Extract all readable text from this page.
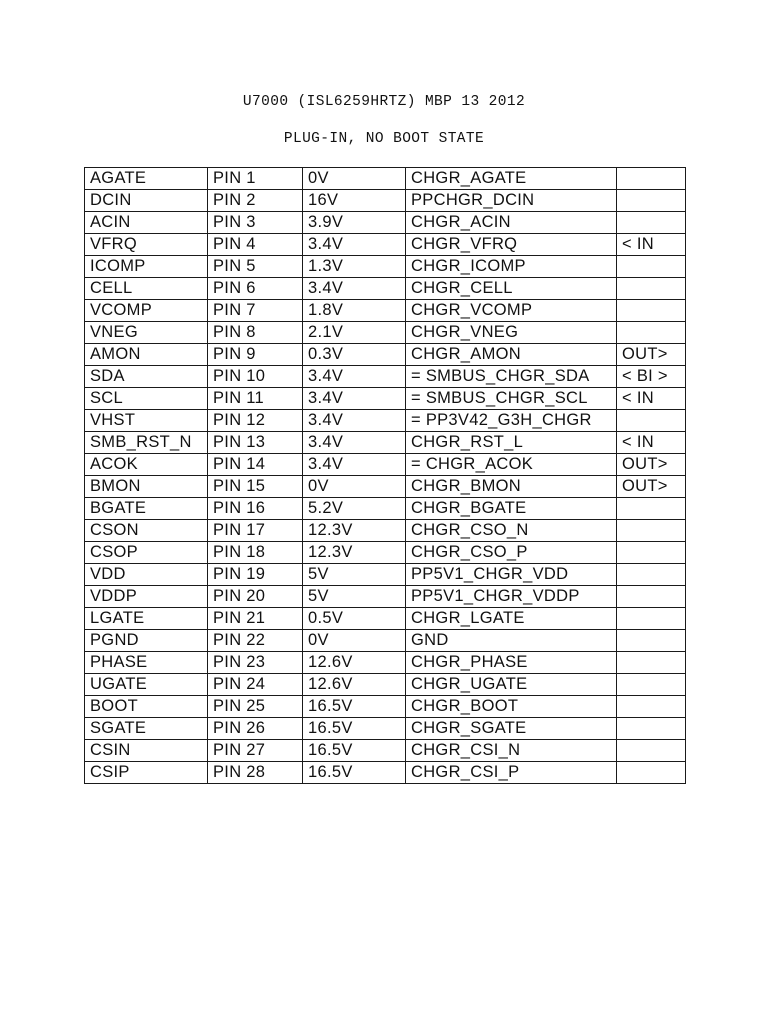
U7000 (ISL6259HRTZ) MBP 13 2012
PLUG-IN, NO BOOT STATE
AGATE	PIN 1	0V	CHGR_AGATE	
DCIN	PIN 2	16V	PPCHGR_DCIN	
ACIN	PIN 3	3.9V	CHGR_ACIN	
VFRQ	PIN 4	3.4V	CHGR_VFRQ	< IN
ICOMP	PIN 5	1.3V	CHGR_ICOMP	
CELL	PIN 6	3.4V	CHGR_CELL	
VCOMP	PIN 7	1.8V	CHGR_VCOMP	
VNEG	PIN 8	2.1V	CHGR_VNEG	
AMON	PIN 9	0.3V	CHGR_AMON	OUT>
SDA	PIN 10	3.4V	= SMBUS_CHGR_SDA	< BI >
SCL	PIN 11	3.4V	= SMBUS_CHGR_SCL	< IN
VHST	PIN 12	3.4V	= PP3V42_G3H_CHGR	
SMB_RST_N	PIN 13	3.4V	CHGR_RST_L	< IN
ACOK	PIN 14	3.4V	= CHGR_ACOK	OUT>
BMON	PIN 15	0V	CHGR_BMON	OUT>
BGATE	PIN 16	5.2V	CHGR_BGATE	
CSON	PIN 17	12.3V	CHGR_CSO_N	
CSOP	PIN 18	12.3V	CHGR_CSO_P	
VDD	PIN 19	5V	PP5V1_CHGR_VDD	
VDDP	PIN 20	5V	PP5V1_CHGR_VDDP	
LGATE	PIN 21	0.5V	CHGR_LGATE	
PGND	PIN 22	0V	GND	
PHASE	PIN 23	12.6V	CHGR_PHASE	
UGATE	PIN 24	12.6V	CHGR_UGATE	
BOOT	PIN 25	16.5V	CHGR_BOOT	
SGATE	PIN 26	16.5V	CHGR_SGATE	
CSIN	PIN 27	16.5V	CHGR_CSI_N	
CSIP	PIN 28	16.5V	CHGR_CSI_P	
